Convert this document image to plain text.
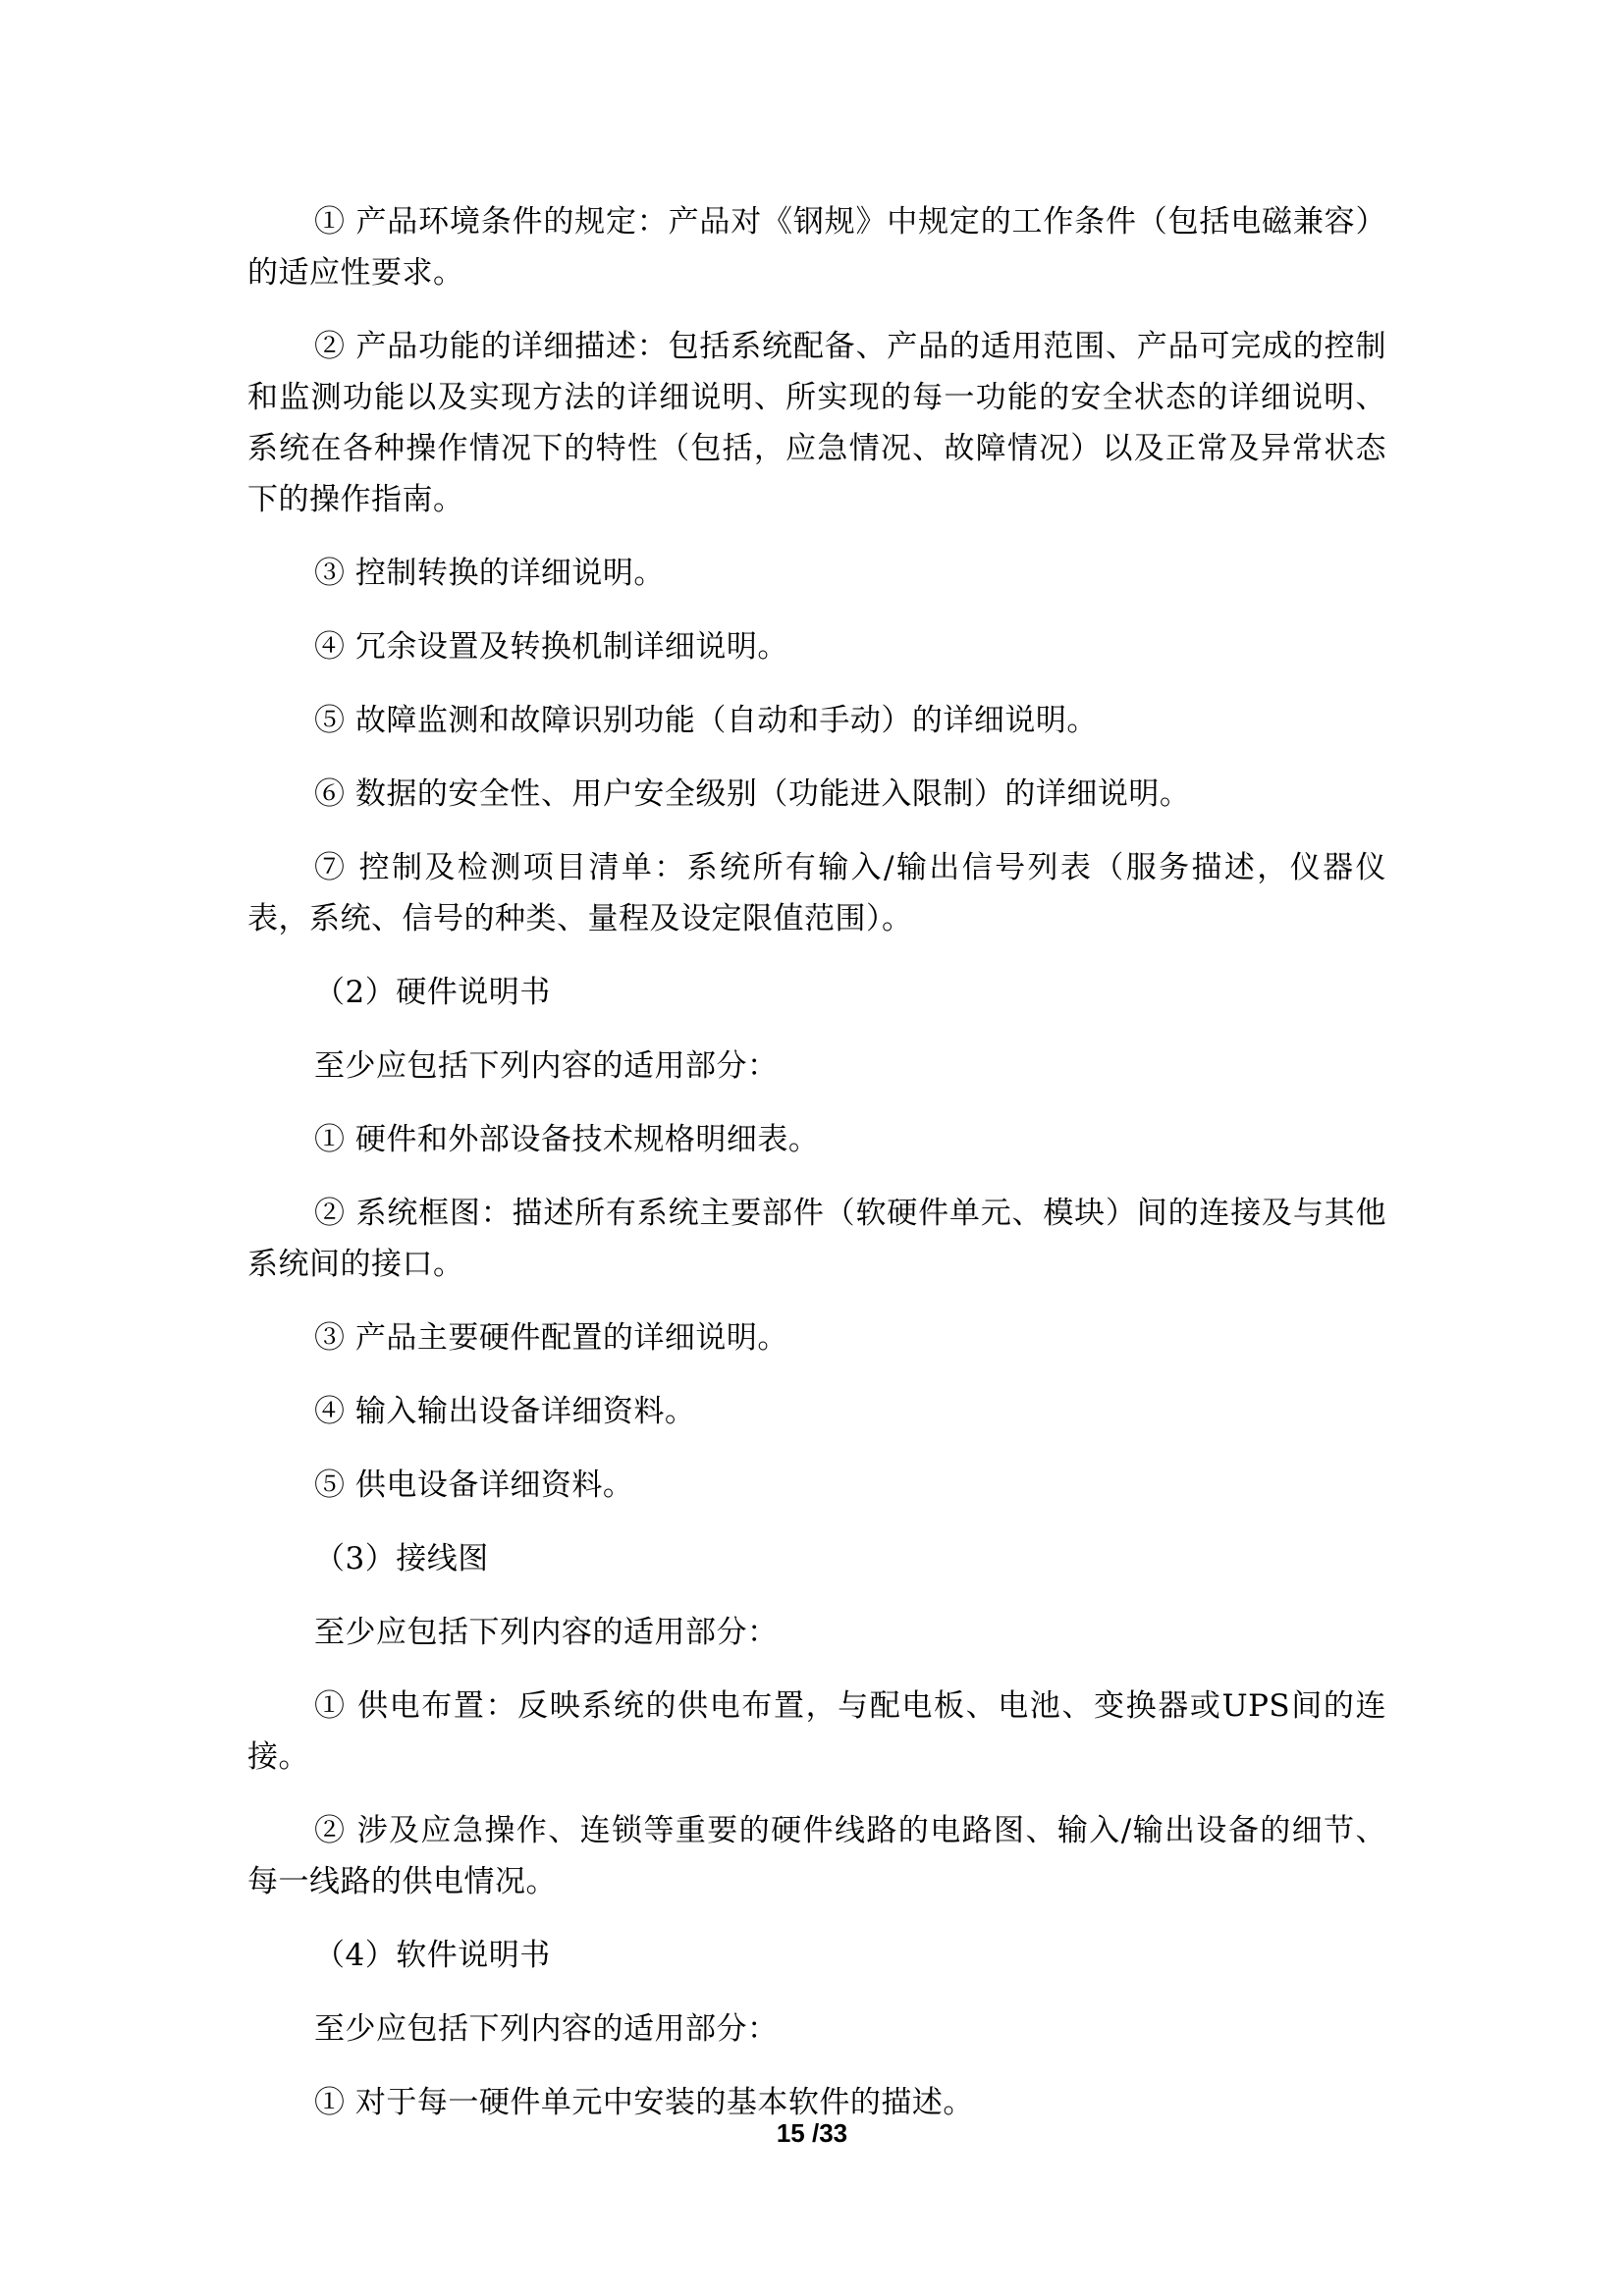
① 产品环境条件的规定：产品对《钢规》中规定的工作条件（包括电磁兼容）的适应性要求。

② 产品功能的详细描述：包括系统配备、产品的适用范围、产品可完成的控制和监测功能以及实现方法的详细说明、所实现的每一功能的安全状态的详细说明、系统在各种操作情况下的特性（包括，应急情况、故障情况）以及正常及异常状态下的操作指南。

③ 控制转换的详细说明。

④ 冗余设置及转换机制详细说明。

⑤ 故障监测和故障识别功能（自动和手动）的详细说明。

⑥ 数据的安全性、用户安全级别（功能进入限制）的详细说明。

⑦ 控制及检测项目清单：系统所有输入/输出信号列表（服务描述，仪器仪表，系统、信号的种类、量程及设定限值范围）。

（2）硬件说明书

至少应包括下列内容的适用部分：

① 硬件和外部设备技术规格明细表。

② 系统框图：描述所有系统主要部件（软硬件单元、模块）间的连接及与其他系统间的接口。

③ 产品主要硬件配置的详细说明。

④ 输入输出设备详细资料。

⑤ 供电设备详细资料。

（3）接线图

至少应包括下列内容的适用部分：

① 供电布置：反映系统的供电布置，与配电板、电池、变换器或UPS间的连接。

② 涉及应急操作、连锁等重要的硬件线路的电路图、输入/输出设备的细节、每一线路的供电情况。

（4）软件说明书

至少应包括下列内容的适用部分：

① 对于每一硬件单元中安装的基本软件的描述。

15 /33
